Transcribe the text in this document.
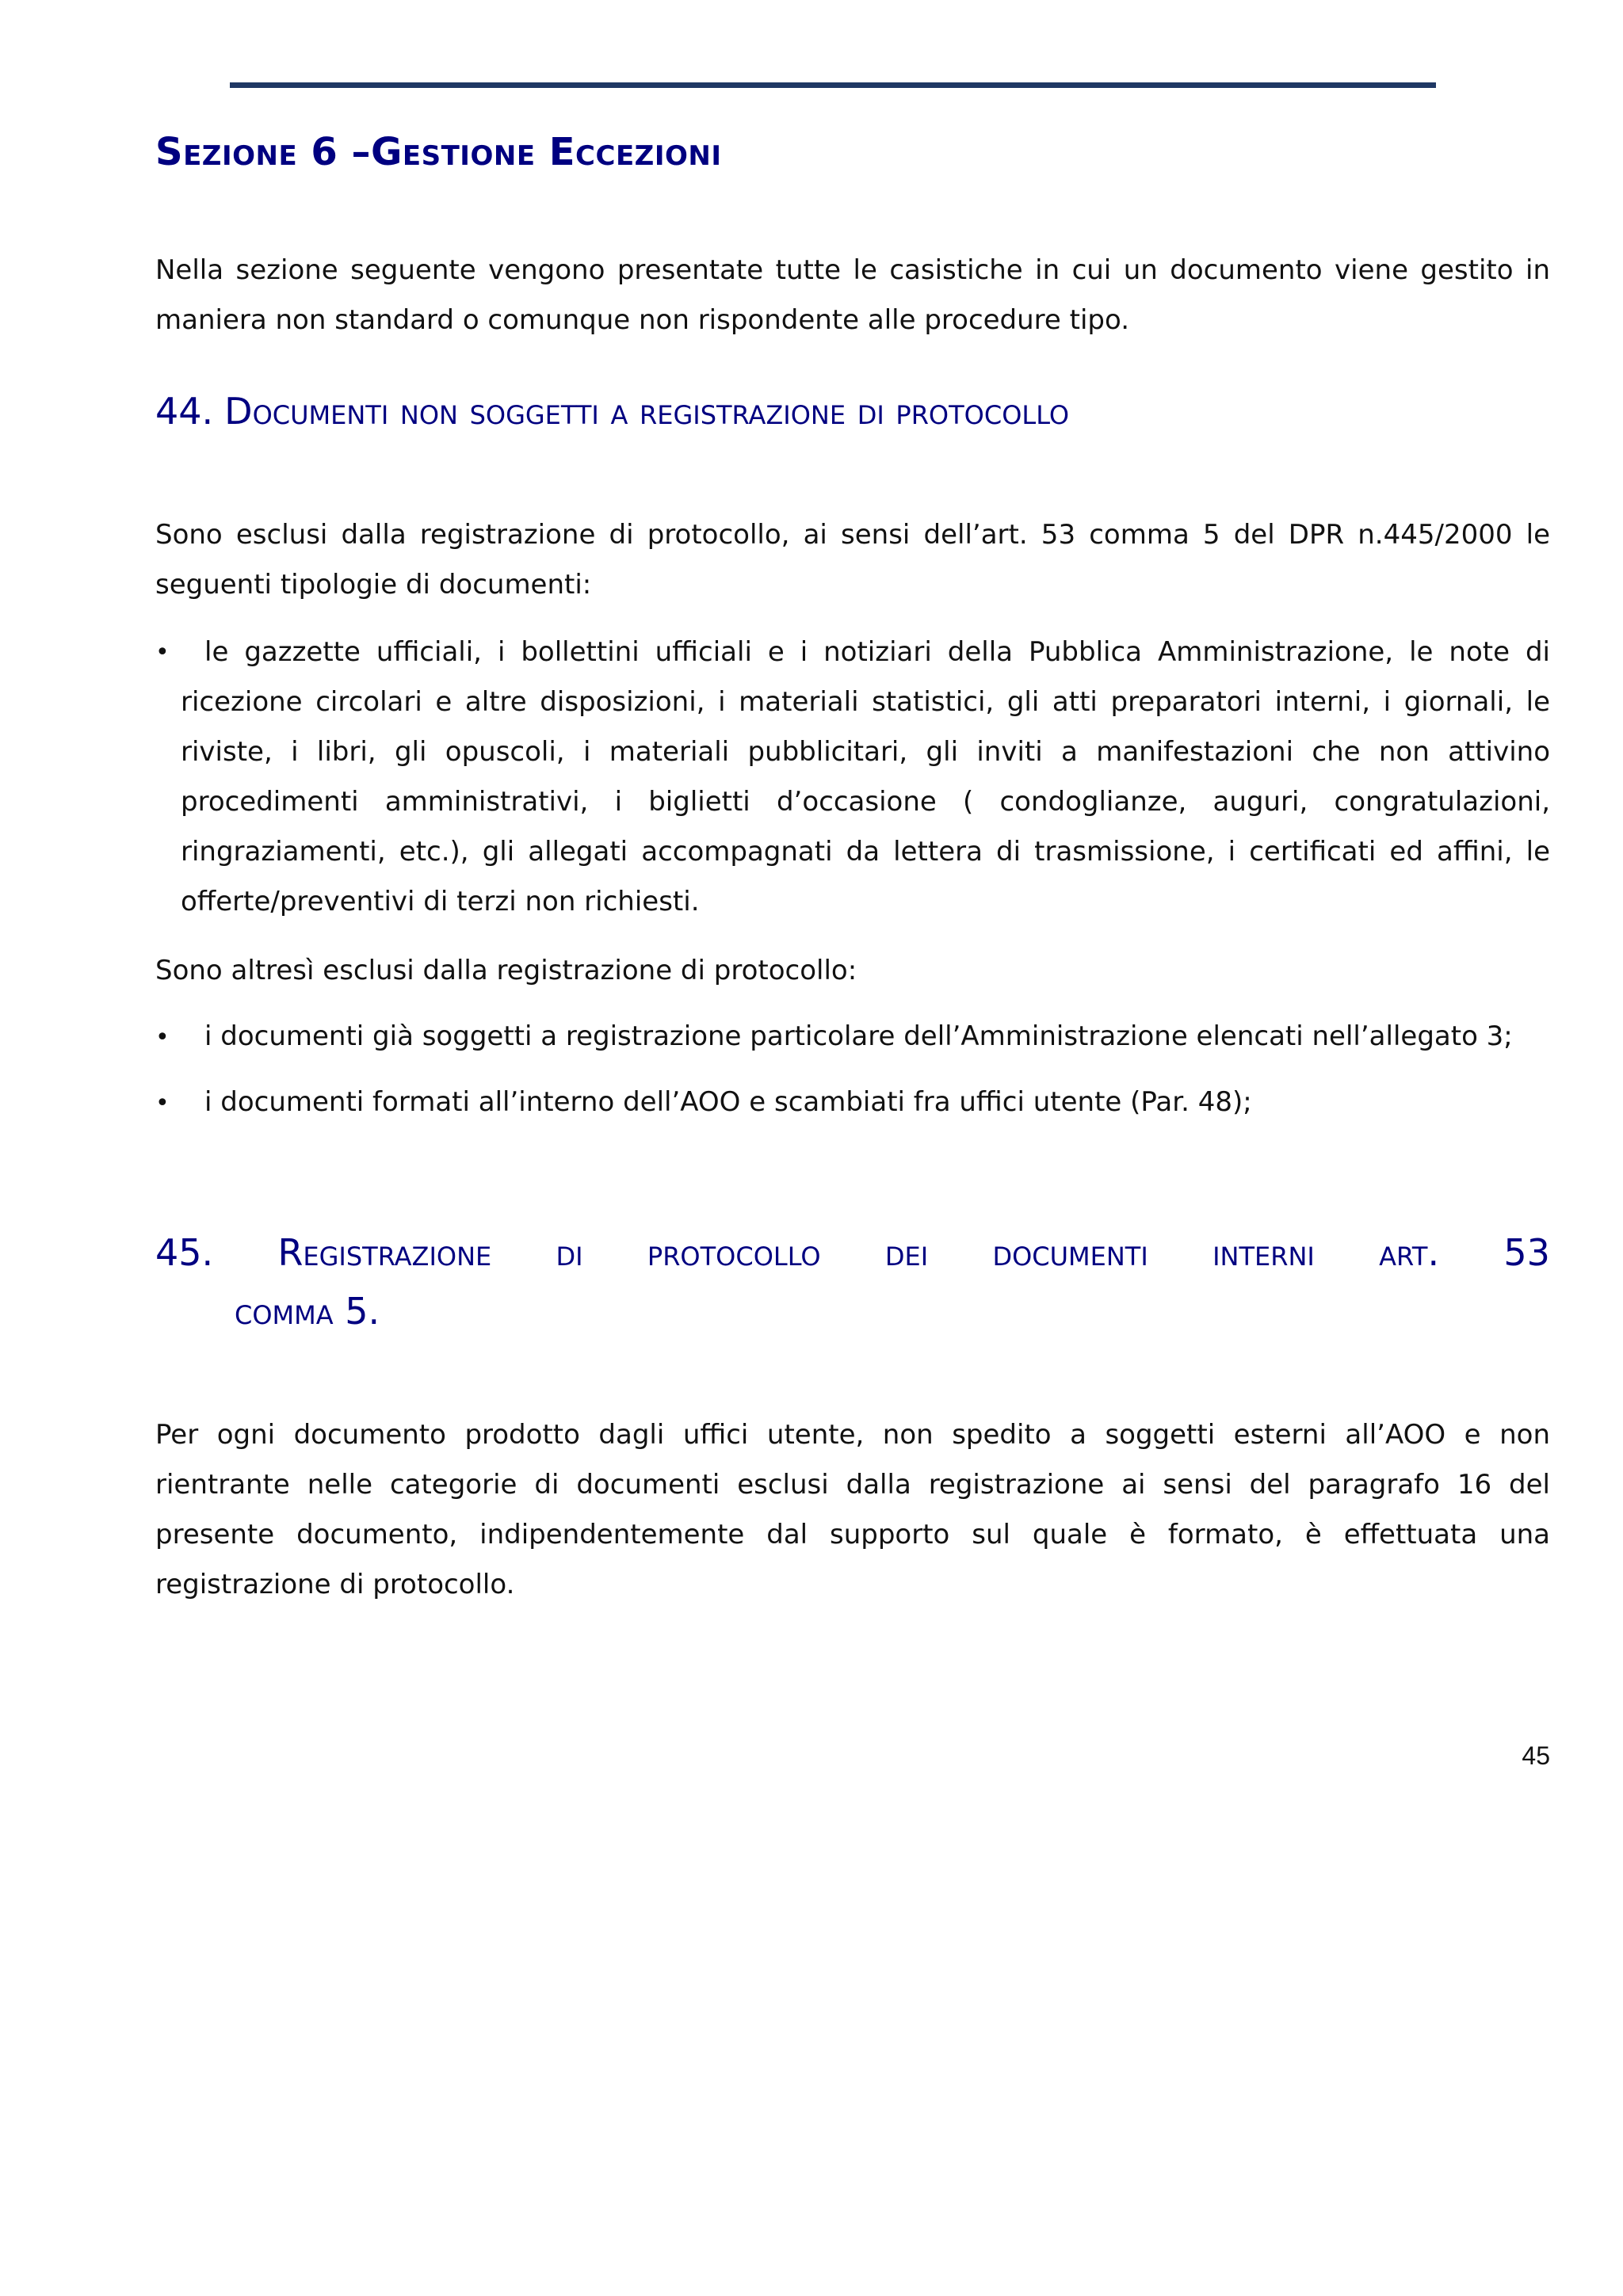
Sezione 6 –Gestione Eccezioni

Nella sezione seguente vengono presentate tutte le casistiche in cui un documento viene gestito in maniera non standard o comunque non rispondente alle procedure tipo.

44. Documenti non soggetti a registrazione di protocollo

Sono esclusi dalla registrazione di protocollo, ai sensi dell’art. 53 comma 5 del DPR n.445/2000 le seguenti tipologie di documenti:

• le gazzette ufficiali, i bollettini ufficiali e i notiziari della Pubblica Amministrazione, le note di ricezione circolari e altre disposizioni, i materiali statistici, gli atti preparatori interni, i giornali, le riviste, i libri, gli opuscoli, i materiali pubblicitari, gli inviti a manifestazioni che non attivino procedimenti amministrativi, i biglietti d’occasione ( condoglianze, auguri, congratulazioni, ringraziamenti, etc.), gli allegati accompagnati da lettera di trasmissione, i certificati ed affini, le offerte/preventivi di terzi non richiesti.

Sono altresì esclusi dalla registrazione di protocollo:

• i documenti già soggetti a registrazione particolare dell’Amministrazione elencati nell’allegato 3;

• i documenti formati all’interno dell’AOO e scambiati fra uffici utente (Par. 48);

45. Registrazione di protocollo dei documenti interni art. 53

comma 5.

Per ogni documento prodotto dagli uffici utente, non spedito a soggetti esterni all’AOO e non rientrante nelle categorie di documenti esclusi dalla registrazione ai sensi del paragrafo 16 del presente documento, indipendentemente dal supporto sul quale è formato, è effettuata una registrazione di protocollo.

45
